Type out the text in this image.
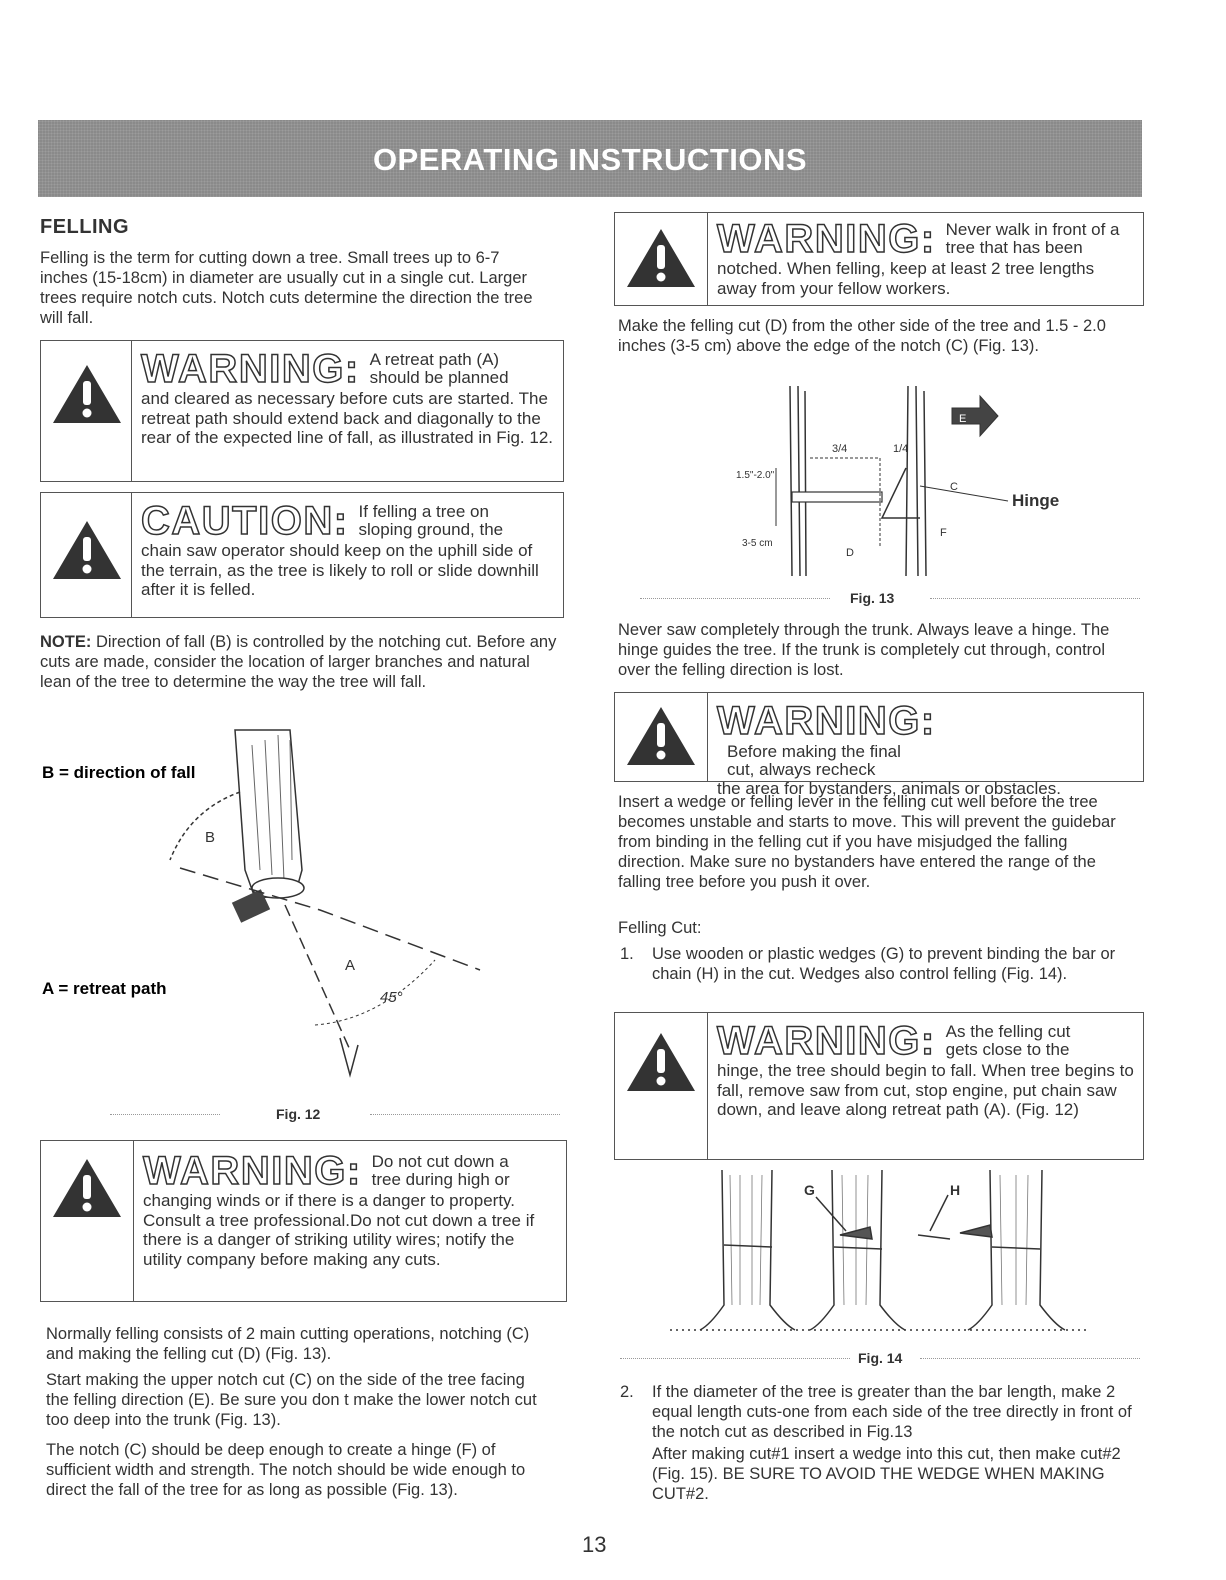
OPERATING INSTRUCTIONS
FELLING
Felling is the term for cutting down a tree. Small trees up to 6-7 inches (15-18cm) in diameter are usually cut in a single cut. Larger trees require notch cuts. Notch cuts determine the direction the tree will fall.
WARNING: A retreat path (A) should be planned
and cleared as necessary before cuts are started. The retreat path should extend back and diagonally to the rear of the expected line of fall, as illustrated in Fig. 12.
CAUTION: If felling a tree on sloping ground, the
chain saw operator should keep on the uphill side of the terrain, as the tree is likely to roll or slide downhill after it is felled.
NOTE: Direction of fall (B) is controlled by the notching cut. Before any cuts are made, consider the location of larger branches and natural lean of the tree to determine the way the tree will fall.
B = direction of fall
A = retreat path
B
A
45°
Fig. 12
WARNING: Do not cut down a tree during high or
changing winds or if there is a danger to property. Consult a tree professional.Do not cut down a tree if there is a danger of striking utility wires; notify the utility company before making any cuts.
Normally felling consists of 2 main cutting operations, notching (C) and making the felling cut (D) (Fig. 13).
Start making the upper notch cut (C) on the side of the tree facing the felling direction (E). Be sure you don t make the lower notch cut too deep into the trunk (Fig. 13).
The notch (C) should be deep enough to create a hinge (F) of sufficient width and strength. The notch should be wide enough to direct the fall of the tree for as long as possible (Fig. 13).
13
WARNING: Never walk in front of a tree that has been
notched. When felling, keep at least 2 tree lengths away from your fellow workers.
Make the felling cut (D) from the other side of the tree and 1.5 - 2.0 inches (3-5 cm) above the edge of the notch (C) (Fig. 13).
3/4	1/4
1.5"-2.0"
3-5 cm
C
D
E
F
Hinge
Fig. 13
Never saw completely through the trunk. Always leave a hinge. The hinge guides the tree. If the trunk is completely cut through, control over the felling direction is lost.
WARNING:Before making the final cut, always recheck
the area for bystanders, animals or obstacles.
Insert a wedge or felling lever in the felling cut well before the tree becomes unstable and starts to move. This will prevent the guidebar from binding in the felling cut if you have misjudged the falling direction. Make sure no bystanders have entered the range of the falling tree before you push it over.
Felling Cut:
1. Use wooden or plastic wedges (G) to prevent binding the bar or chain (H) in the cut. Wedges also control felling (Fig. 14).
WARNING: As the felling cut gets close to the
hinge, the tree should begin to fall. When tree begins to fall, remove saw from cut, stop engine, put chain saw down, and leave along retreat path (A). (Fig. 12)
G	H
Fig. 14
2. If the diameter of the tree is greater than the bar length, make 2 equal length cuts-one from each side of the tree directly in front of the notch cut as described in Fig.13
After making cut#1 insert a wedge into this cut, then make cut#2 (Fig. 15). BE SURE TO AVOID THE WEDGE WHEN MAKING CUT#2.
